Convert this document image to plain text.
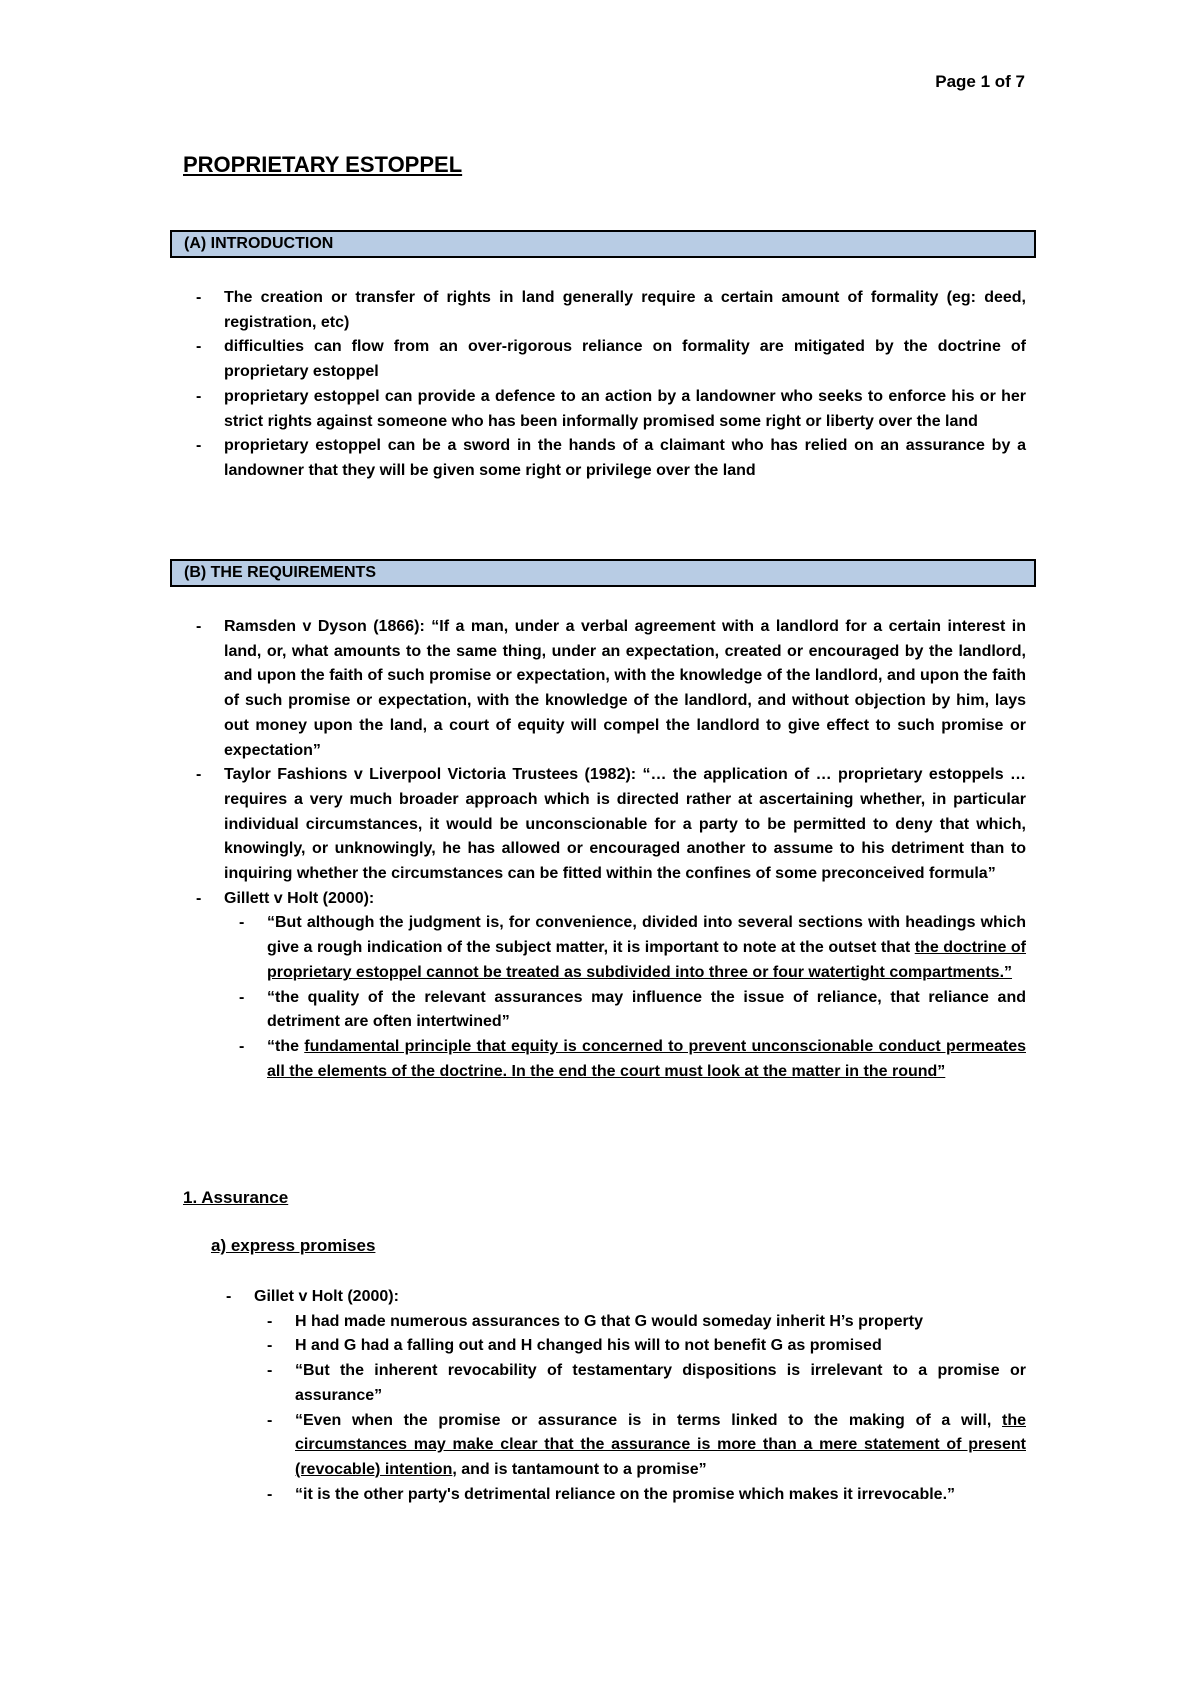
Page 1 of 7
PROPRIETARY ESTOPPEL
(A) INTRODUCTION
- The creation or transfer of rights in land generally require a certain amount of formality (eg: deed, registration, etc)
- difficulties can flow from an over-rigorous reliance on formality are mitigated by the doctrine of proprietary estoppel
- proprietary estoppel can provide a defence to an action by a landowner who seeks to enforce his or her strict rights against someone who has been informally promised some right or liberty over the land
- proprietary estoppel can be a sword in the hands of a claimant who has relied on an assurance by a landowner that they will be given some right or privilege over the land
(B) THE REQUIREMENTS
- Ramsden v Dyson (1866): “If a man, under a verbal agreement with a landlord for a certain interest in land, or, what amounts to the same thing, under an expectation, created or encouraged by the landlord, and upon the faith of such promise or expectation, with the knowledge of the landlord, and upon the faith of such promise or expectation, with the knowledge of the landlord, and without objection by him, lays out money upon the land, a court of equity will compel the landlord to give effect to such promise or expectation”
- Taylor Fashions v Liverpool Victoria Trustees (1982): “… the application of … proprietary estoppels … requires a very much broader approach which is directed rather at ascertaining whether, in particular individual circumstances, it would be unconscionable for a party to be permitted to deny that which, knowingly, or unknowingly, he has allowed or encouraged another to assume to his detriment than to inquiring whether the circumstances can be fitted within the confines of some preconceived formula”
- Gillett v Holt (2000):
- “But although the judgment is, for convenience, divided into several sections with headings which give a rough indication of the subject matter, it is important to note at the outset that the doctrine of proprietary estoppel cannot be treated as subdivided into three or four watertight compartments.”
- “the quality of the relevant assurances may influence the issue of reliance, that reliance and detriment are often intertwined”
- “the fundamental principle that equity is concerned to prevent unconscionable conduct permeates all the elements of the doctrine. In the end the court must look at the matter in the round”
1. Assurance
a) express promises
- Gillet v Holt (2000):
- H had made numerous assurances to G that G would someday inherit H’s property
- H and G had a falling out and H changed his will to not benefit G as promised
- “But the inherent revocability of testamentary dispositions is irrelevant to a promise or assurance”
- “Even when the promise or assurance is in terms linked to the making of a will, the circumstances may make clear that the assurance is more than a mere statement of present (revocable) intention, and is tantamount to a promise”
- “it is the other party's detrimental reliance on the promise which makes it irrevocable.”
